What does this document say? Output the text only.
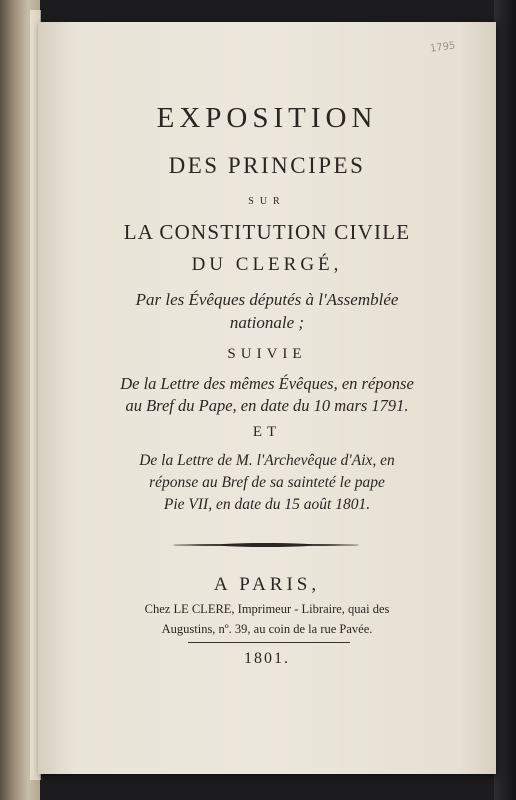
1795
EXPOSITION
DES PRINCIPES
SUR
LA CONSTITUTION CIVILE
DU CLERGÉ,
Par les Évêques députés à l'Assemblée
nationale ;
SUIVIE
De la Lettre des mêmes Évêques, en réponse
au Bref du Pape, en date du 10 mars 1791.
ET
De la Lettre de M. l'Archevêque d'Aix, en
réponse au Bref de sa sainteté le pape
Pie VII, en date du 15 août 1801.
A PARIS,
Chez LE CLERE, Imprimeur - Libraire, quai des
Augustins, nº. 39, au coin de la rue Pavée.
1801.
